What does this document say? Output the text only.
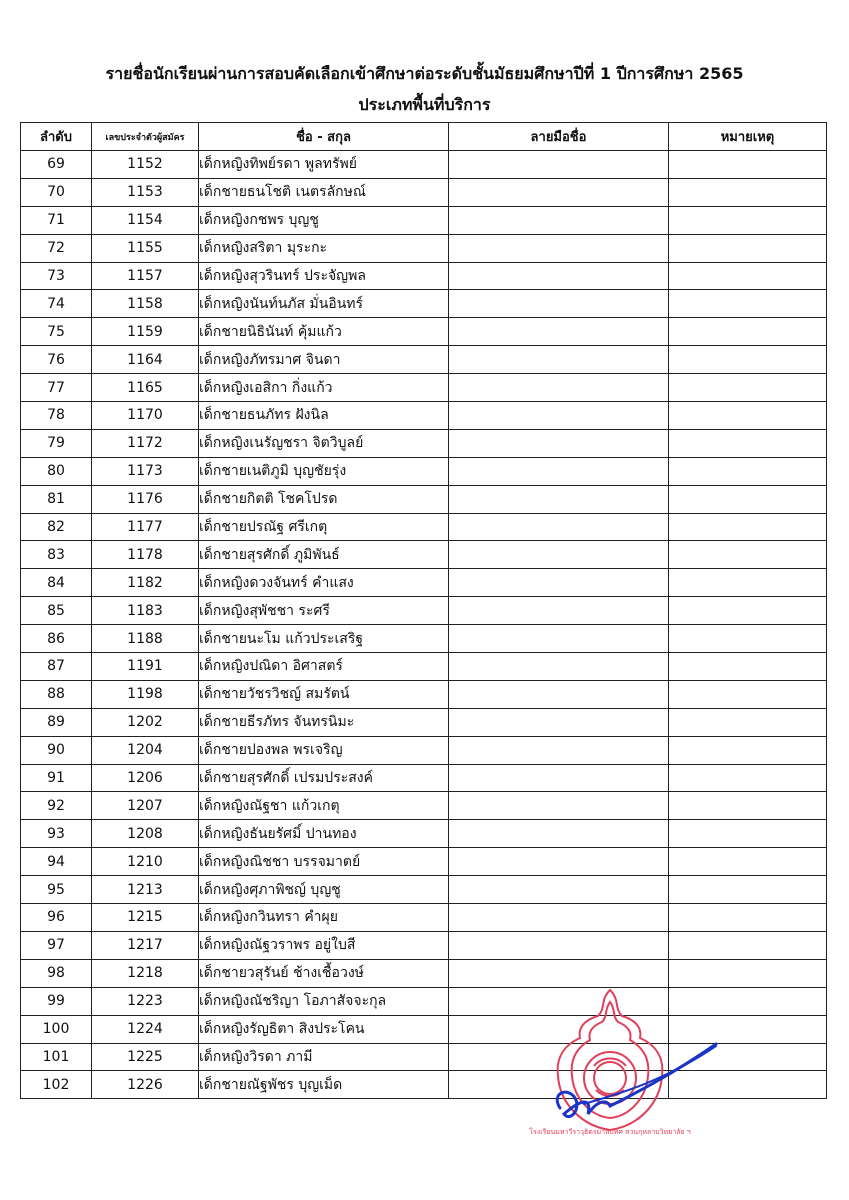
รายชื่อนักเรียนผ่านการสอบคัดเลือกเข้าศึกษาต่อระดับชั้นมัธยมศึกษาปีที่ 1 ปีการศึกษา 2565
ประเภทพื้นที่บริการ
ลำดับ	เลขประจำตัวผู้สมัคร	ชื่อ - สกุล	ลายมือชื่อ	หมายเหตุ
69	1152	เด็กหญิงทิพย์รดา พูลทรัพย์		
70	1153	เด็กชายธนโชติ เนตรลักษณ์		
71	1154	เด็กหญิงกชพร บุญชู		
72	1155	เด็กหญิงสริตา มุระกะ		
73	1157	เด็กหญิงสุวรินทร์ ประจัญพล		
74	1158	เด็กหญิงนันท์นภัส มั่นอินทร์		
75	1159	เด็กชายนิธินันท์ คุ้มแก้ว		
76	1164	เด็กหญิงภัทรมาศ จินดา		
77	1165	เด็กหญิงเอสิกา กิ่งแก้ว		
78	1170	เด็กชายธนภัทร ฝังนิล		
79	1172	เด็กหญิงเนรัญชรา จิตวิบูลย์		
80	1173	เด็กชายเนติภูมิ บุญชัยรุ่ง		
81	1176	เด็กชายกิตติ โชคโปรด		
82	1177	เด็กชายปรณัฐ ศรีเกตุ		
83	1178	เด็กชายสุรศักดิ์ ภูมิพันธ์		
84	1182	เด็กหญิงดวงจันทร์ คำแสง		
85	1183	เด็กหญิงสุพัชชา ระศรี		
86	1188	เด็กชายนะโม แก้วประเสริฐ		
87	1191	เด็กหญิงปณิดา อิศาสตร์		
88	1198	เด็กชายวัชรวิชญ์ สมรัตน์		
89	1202	เด็กชายธีรภัทร จันทรนิมะ		
90	1204	เด็กชายปองพล พรเจริญ		
91	1206	เด็กชายสุรศักดิ์ เปรมประสงค์		
92	1207	เด็กหญิงณัฐชา แก้วเกตุ		
93	1208	เด็กหญิงธันยรัศมิ์ ปานทอง		
94	1210	เด็กหญิงณิชชา บรรจมาตย์		
95	1213	เด็กหญิงศุภาพิชญ์ บุญชู		
96	1215	เด็กหญิงกวินทรา คำผุย		
97	1217	เด็กหญิงณัฐวราพร อยู่ใบสี		
98	1218	เด็กชายวสุรันย์ ช้างเชื้อวงษ์		
99	1223	เด็กหญิงณัชริญา โอภาสัจจะกุล		
100	1224	เด็กหญิงรัญธิตา สิงประโคน		
101	1225	เด็กหญิงวิรดา ภามี		
102	1226	เด็กชายณัฐพัชร บุญเม็ด		
โรงเรียนมหาวีราวุธิตรมาลิบทิศ สวนกุหลาบวิทยาลัย ฯ
